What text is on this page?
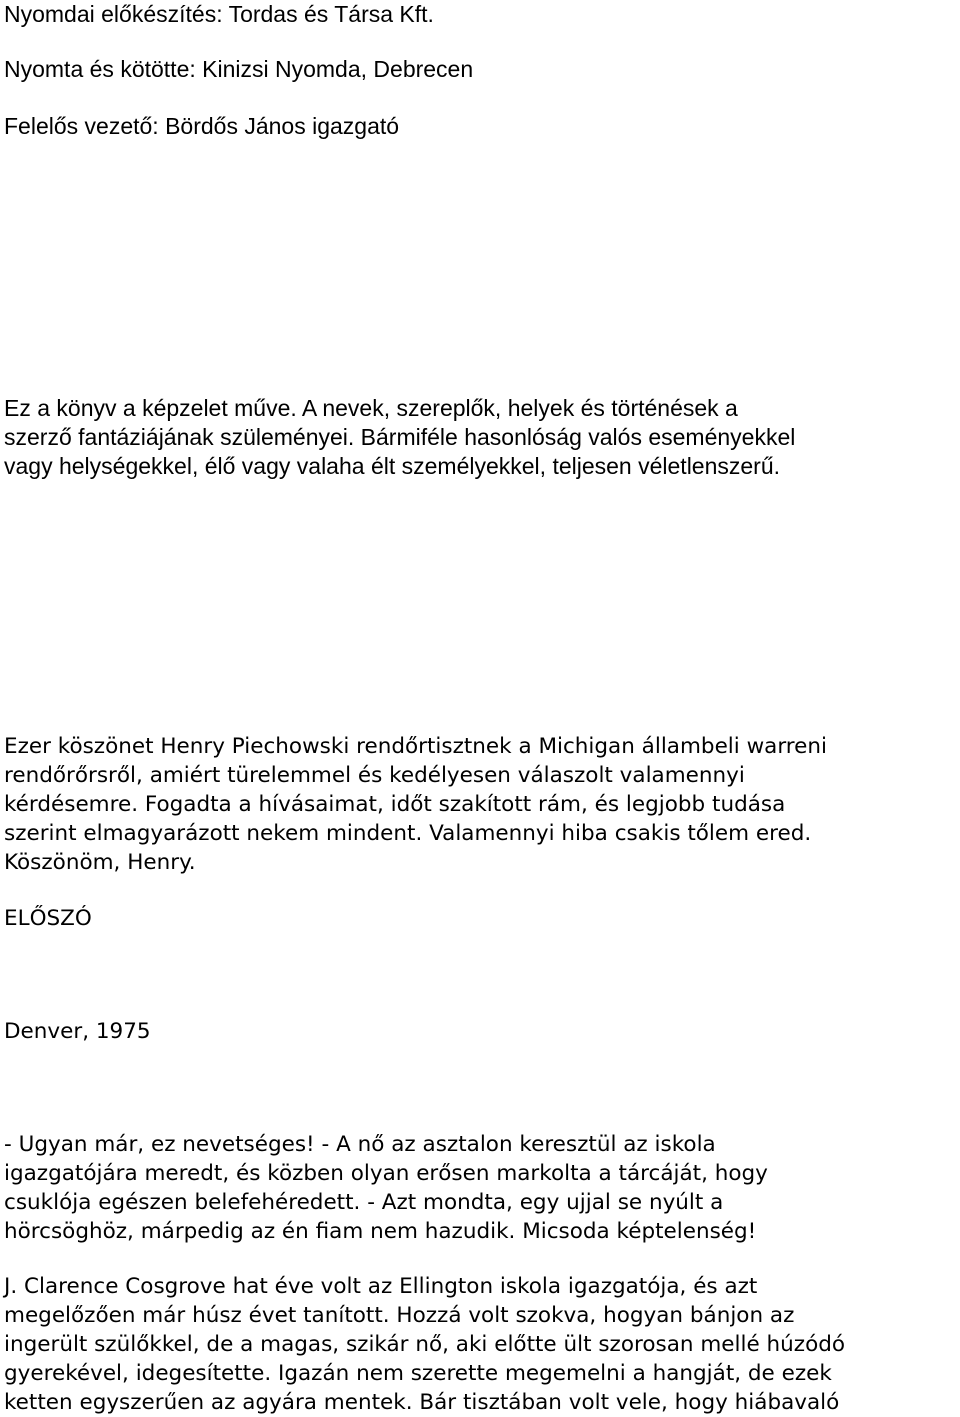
Nyomdai előkészítés: Tordas és Társa Kft.
Nyomta és kötötte: Kinizsi Nyomda, Debrecen
Felelős vezető: Bördős János igazgató
Ez a könyv a képzelet műve. A nevek, szereplők, helyek és történések a
szerző fantáziájának szüleményei. Bármiféle hasonlóság valós eseményekkel
vagy helységekkel, élő vagy valaha élt személyekkel, teljesen véletlenszerű.
Ezer köszönet Henry Piechowski rendőrtisztnek a Michigan állambeli warreni
rendőrőrsről, amiért türelemmel és kedélyesen válaszolt valamennyi
kérdésemre. Fogadta a hívásaimat, időt szakított rám, és legjobb tudása
szerint elmagyarázott nekem mindent. Valamennyi hiba csakis tőlem ered.
Köszönöm, Henry.
ELŐSZÓ
Denver, 1975
- Ugyan már, ez nevetséges! - A nő az asztalon keresztül az iskola
igazgatójára meredt, és közben olyan erősen markolta a tárcáját, hogy
csuklója egészen belefehéredett. - Azt mondta, egy ujjal se nyúlt a
hörcsöghöz, márpedig az én fiam nem hazudik. Micsoda képtelenség!
J. Clarence Cosgrove hat éve volt az Ellington iskola igazgatója, és azt
megelőzően már húsz évet tanított. Hozzá volt szokva, hogyan bánjon az
ingerült szülőkkel, de a magas, szikár nő, aki előtte ült szorosan mellé húzódó
gyerekével, idegesítette. Igazán nem szerette megemelni a hangját, de ezek
ketten egyszerűen az agyára mentek. Bár tisztában volt vele, hogy hiábavaló
